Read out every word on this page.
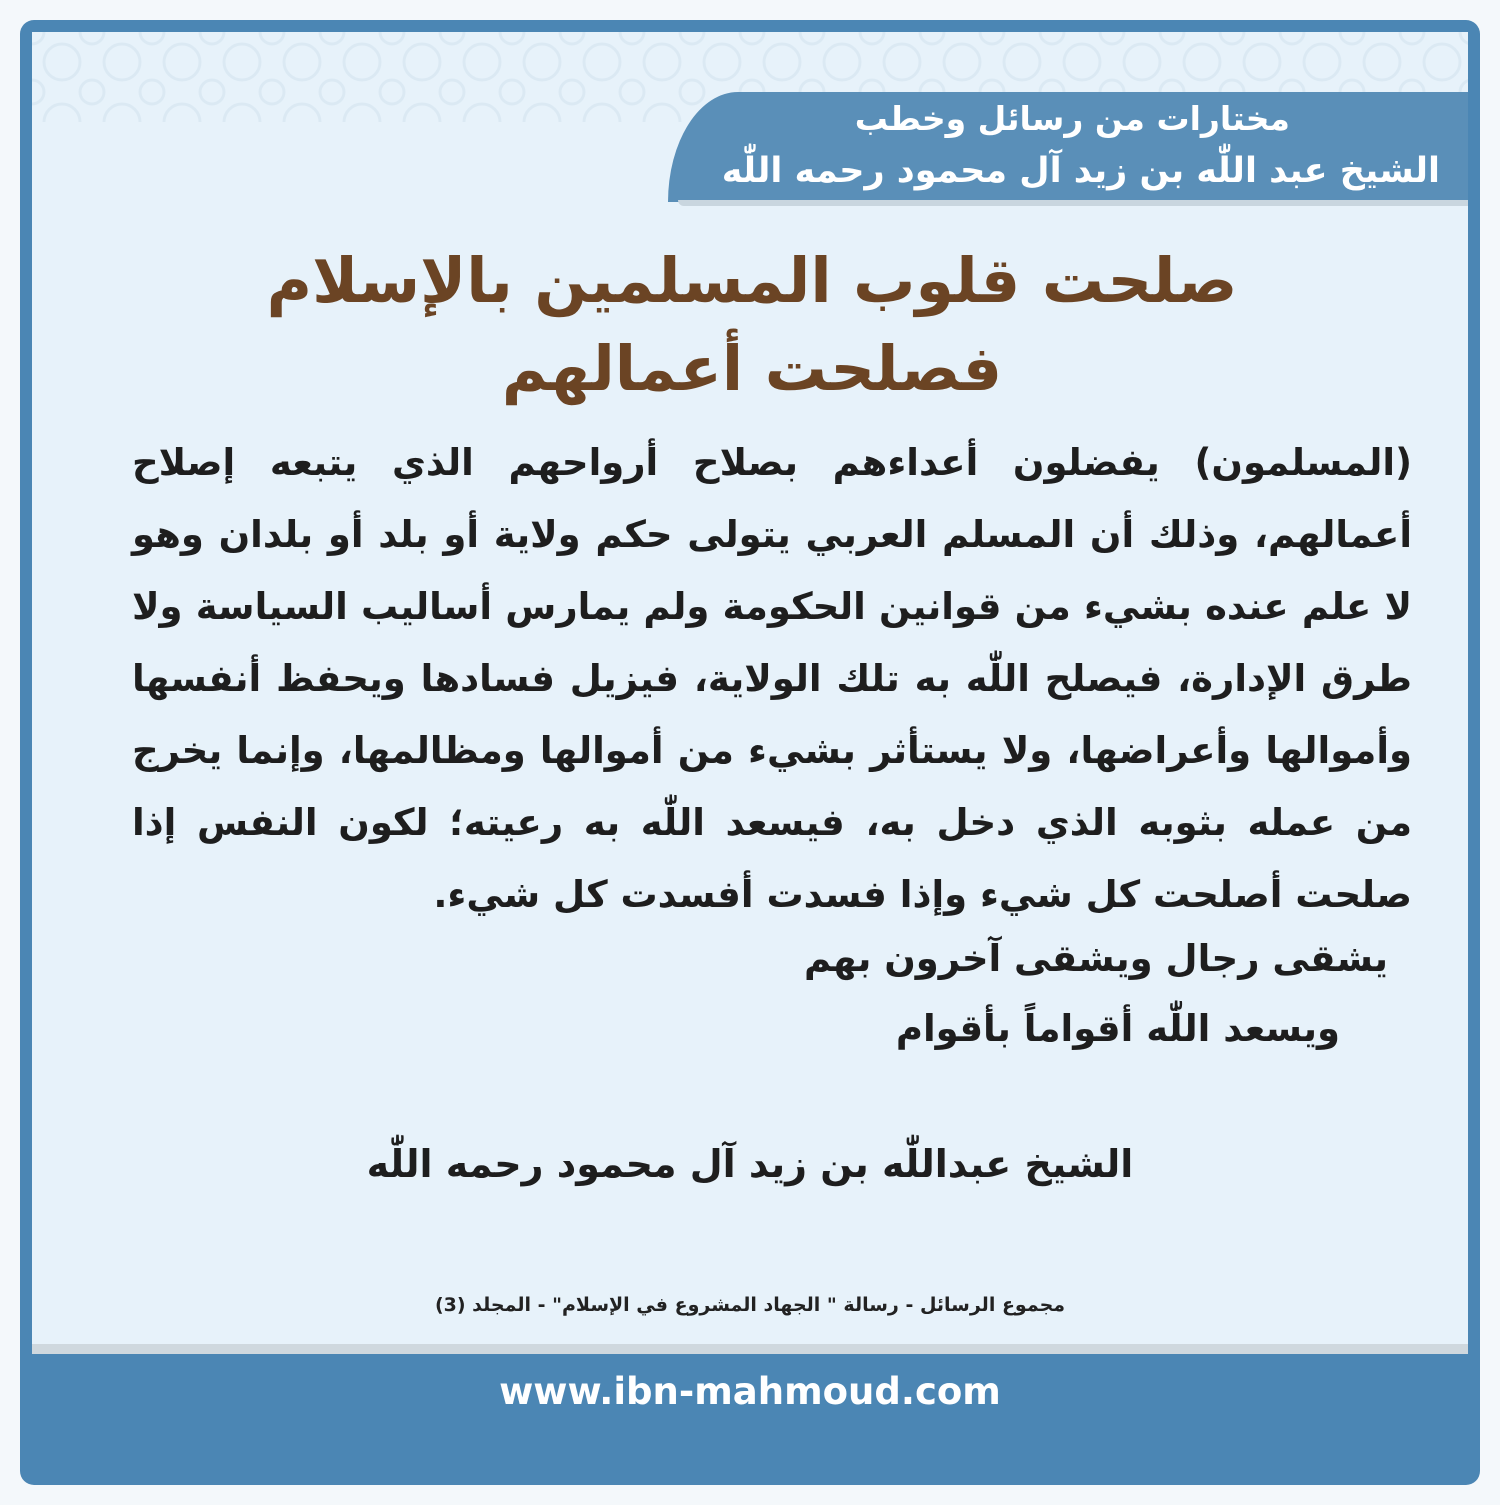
مختارات من رسائل وخطب
الشيخ عبد اللّٰه بن زيد آل محمود رحمه اللّٰه
صلحت قلوب المسلمين بالإسلام فصلحت أعمالهم
(المسلمون) يفضلون أعداءهم بصلاح أرواحهم الذي يتبعه إصلاح أعمالهم، وذلك أن المسلم العربي يتولى حكم ولاية أو بلد أو بلدان وهو لا علم عنده بشيء من قوانين الحكومة ولم يمارس أساليب السياسة ولا طرق الإدارة، فيصلح اللّٰه به تلك الولاية، فيزيل فسادها ويحفظ أنفسها وأموالها وأعراضها، ولا يستأثر بشيء من أموالها ومظالمها، وإنما يخرج من عمله بثوبه الذي دخل به، فيسعد اللّٰه به رعيته؛ لكون النفس إذا صلحت أصلحت كل شيء وإذا فسدت أفسدت كل شيء.
يشقى رجال ويشقى آخرون بهم
ويسعد اللّٰه أقواماً بأقوام
الشيخ عبداللّٰه بن زيد آل محمود رحمه اللّٰه
مجموع الرسائل - رسالة " الجهاد المشروع في الإسلام" - المجلد (3)
www.ibn-mahmoud.com
